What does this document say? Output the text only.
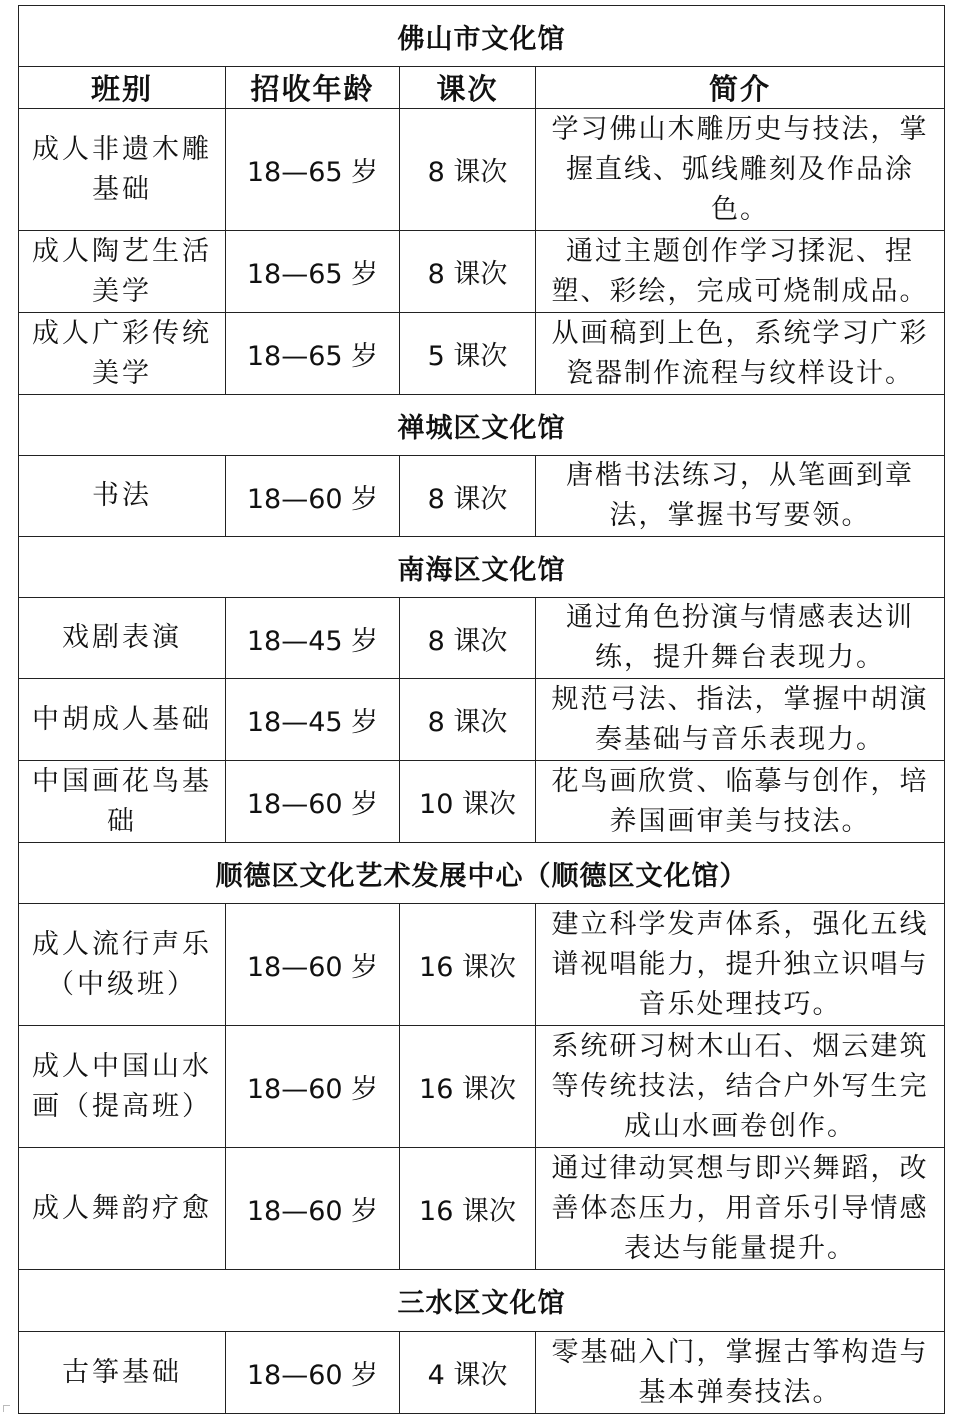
佛山市文化馆			
班别	招收年龄	课次	简介
成人非遗木雕基础	18—65 岁	8 课次	学习佛山木雕历史与技法，掌握直线、弧线雕刻及作品涂色。
成人陶艺生活美学	18—65 岁	8 课次	通过主题创作学习揉泥、捏塑、彩绘，完成可烧制成品。
成人广彩传统美学	18—65 岁	5 课次	从画稿到上色，系统学习广彩瓷器制作流程与纹样设计。
禅城区文化馆			
书法	18—60 岁	8 课次	唐楷书法练习，从笔画到章法，掌握书写要领。
南海区文化馆			
戏剧表演	18—45 岁	8 课次	通过角色扮演与情感表达训练，提升舞台表现力。
中胡成人基础	18—45 岁	8 课次	规范弓法、指法，掌握中胡演奏基础与音乐表现力。
中国画花鸟基础	18—60 岁	10 课次	花鸟画欣赏、临摹与创作，培养国画审美与技法。
顺德区文化艺术发展中心（顺德区文化馆）			
成人流行声乐（中级班）	18—60 岁	16 课次	建立科学发声体系，强化五线谱视唱能力，提升独立识唱与音乐处理技巧。
成人中国山水画（提高班）	18—60 岁	16 课次	系统研习树木山石、烟云建筑等传统技法，结合户外写生完成山水画卷创作。
成人舞韵疗愈	18—60 岁	16 课次	通过律动冥想与即兴舞蹈，改善体态压力，用音乐引导情感表达与能量提升。
三水区文化馆			
古筝基础	18—60 岁	4 课次	零基础入门，掌握古筝构造与基本弹奏技法。
